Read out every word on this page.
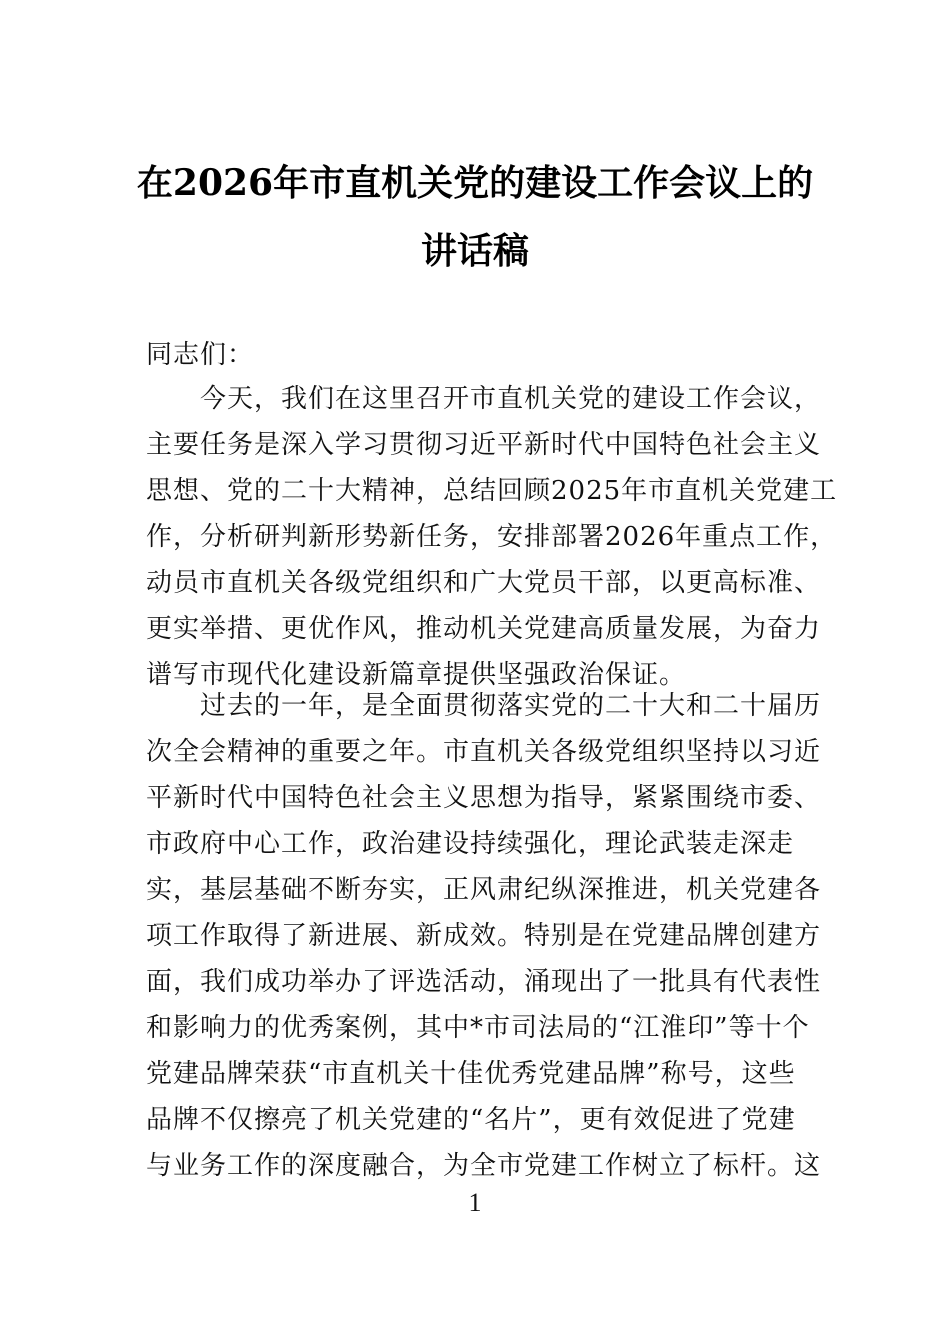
在2026年市直机关党的建设工作会议上的
讲话稿
同志们：
　　今天，我们在这里召开市直机关党的建设工作会议，
主要任务是深入学习贯彻习近平新时代中国特色社会主义
思想、党的二十大精神，总结回顾2025年市直机关党建工
作，分析研判新形势新任务，安排部署2026年重点工作，
动员市直机关各级党组织和广大党员干部，以更高标准、
更实举措、更优作风，推动机关党建高质量发展，为奋力
谱写市现代化建设新篇章提供坚强政治保证。
　　过去的一年，是全面贯彻落实党的二十大和二十届历
次全会精神的重要之年。市直机关各级党组织坚持以习近
平新时代中国特色社会主义思想为指导，紧紧围绕市委、
市政府中心工作，政治建设持续强化，理论武装走深走
实，基层基础不断夯实，正风肃纪纵深推进，机关党建各
项工作取得了新进展、新成效。特别是在党建品牌创建方
面，我们成功举办了评选活动，涌现出了一批具有代表性
和影响力的优秀案例，其中*市司法局的“江淮印”等十个
党建品牌荣获“市直机关十佳优秀党建品牌”称号，这些
品牌不仅擦亮了机关党建的“名片”，更有效促进了党建
与业务工作的深度融合，为全市党建工作树立了标杆。这
1
